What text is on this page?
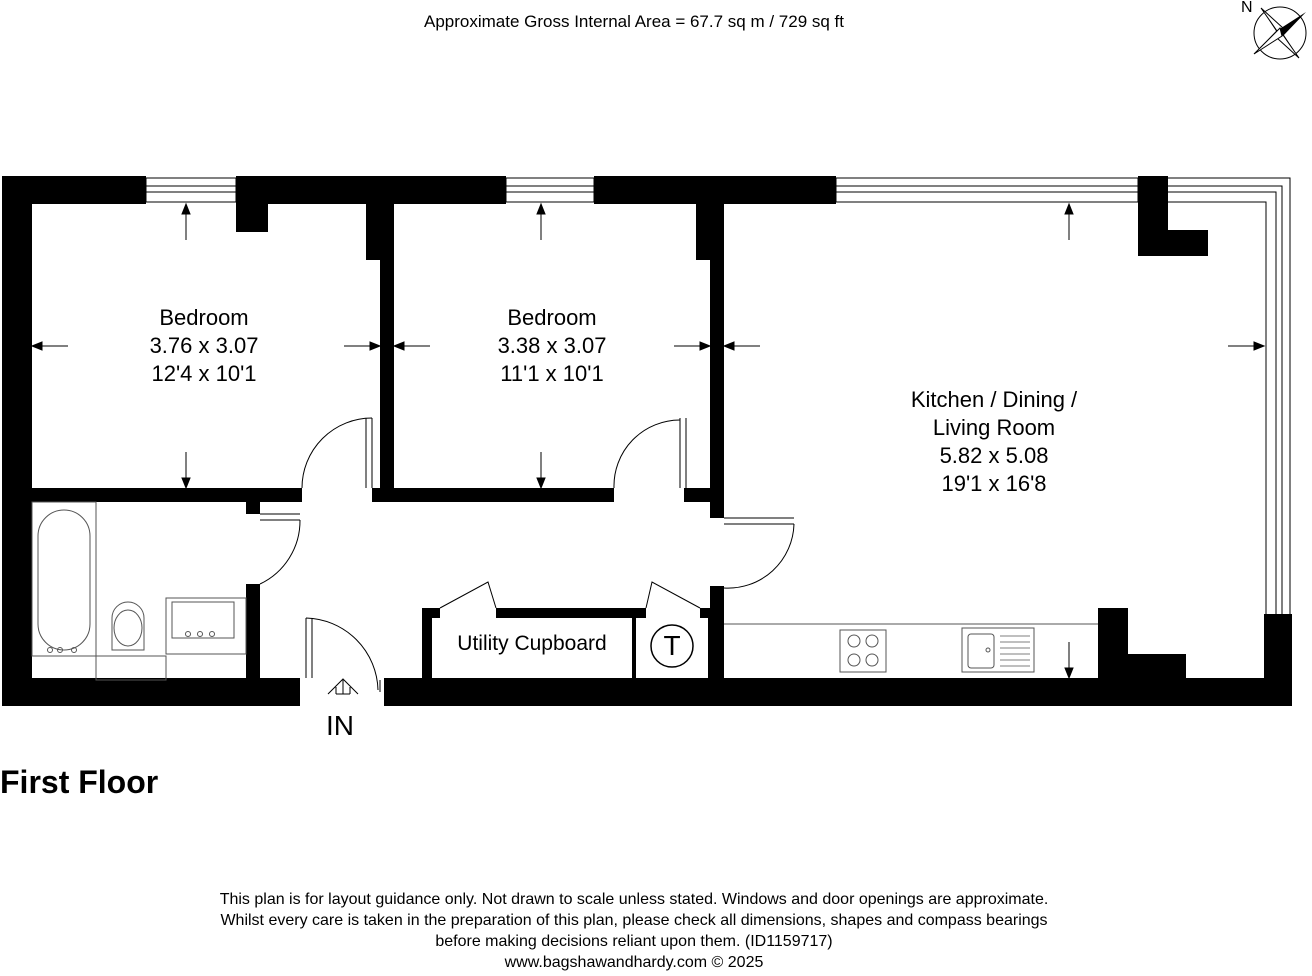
Approximate Gross Internal Area = 67.7 sq m / 729 sq ft
N
Bedroom
3.76 x 3.07
12'4 x 10'1
Bedroom
3.38 x 3.07
11'1 x 10'1
Kitchen / Dining /
Living Room
5.82 x 5.08
19'1 x 16'8
Utility Cupboard	T
IN
First Floor
This plan is for layout guidance only. Not drawn to scale unless stated. Windows and door openings are approximate.
Whilst every care is taken in the preparation of this plan, please check all dimensions, shapes and compass bearings
before making decisions reliant upon them. (ID1159717)
www.bagshawandhardy.com © 2025
